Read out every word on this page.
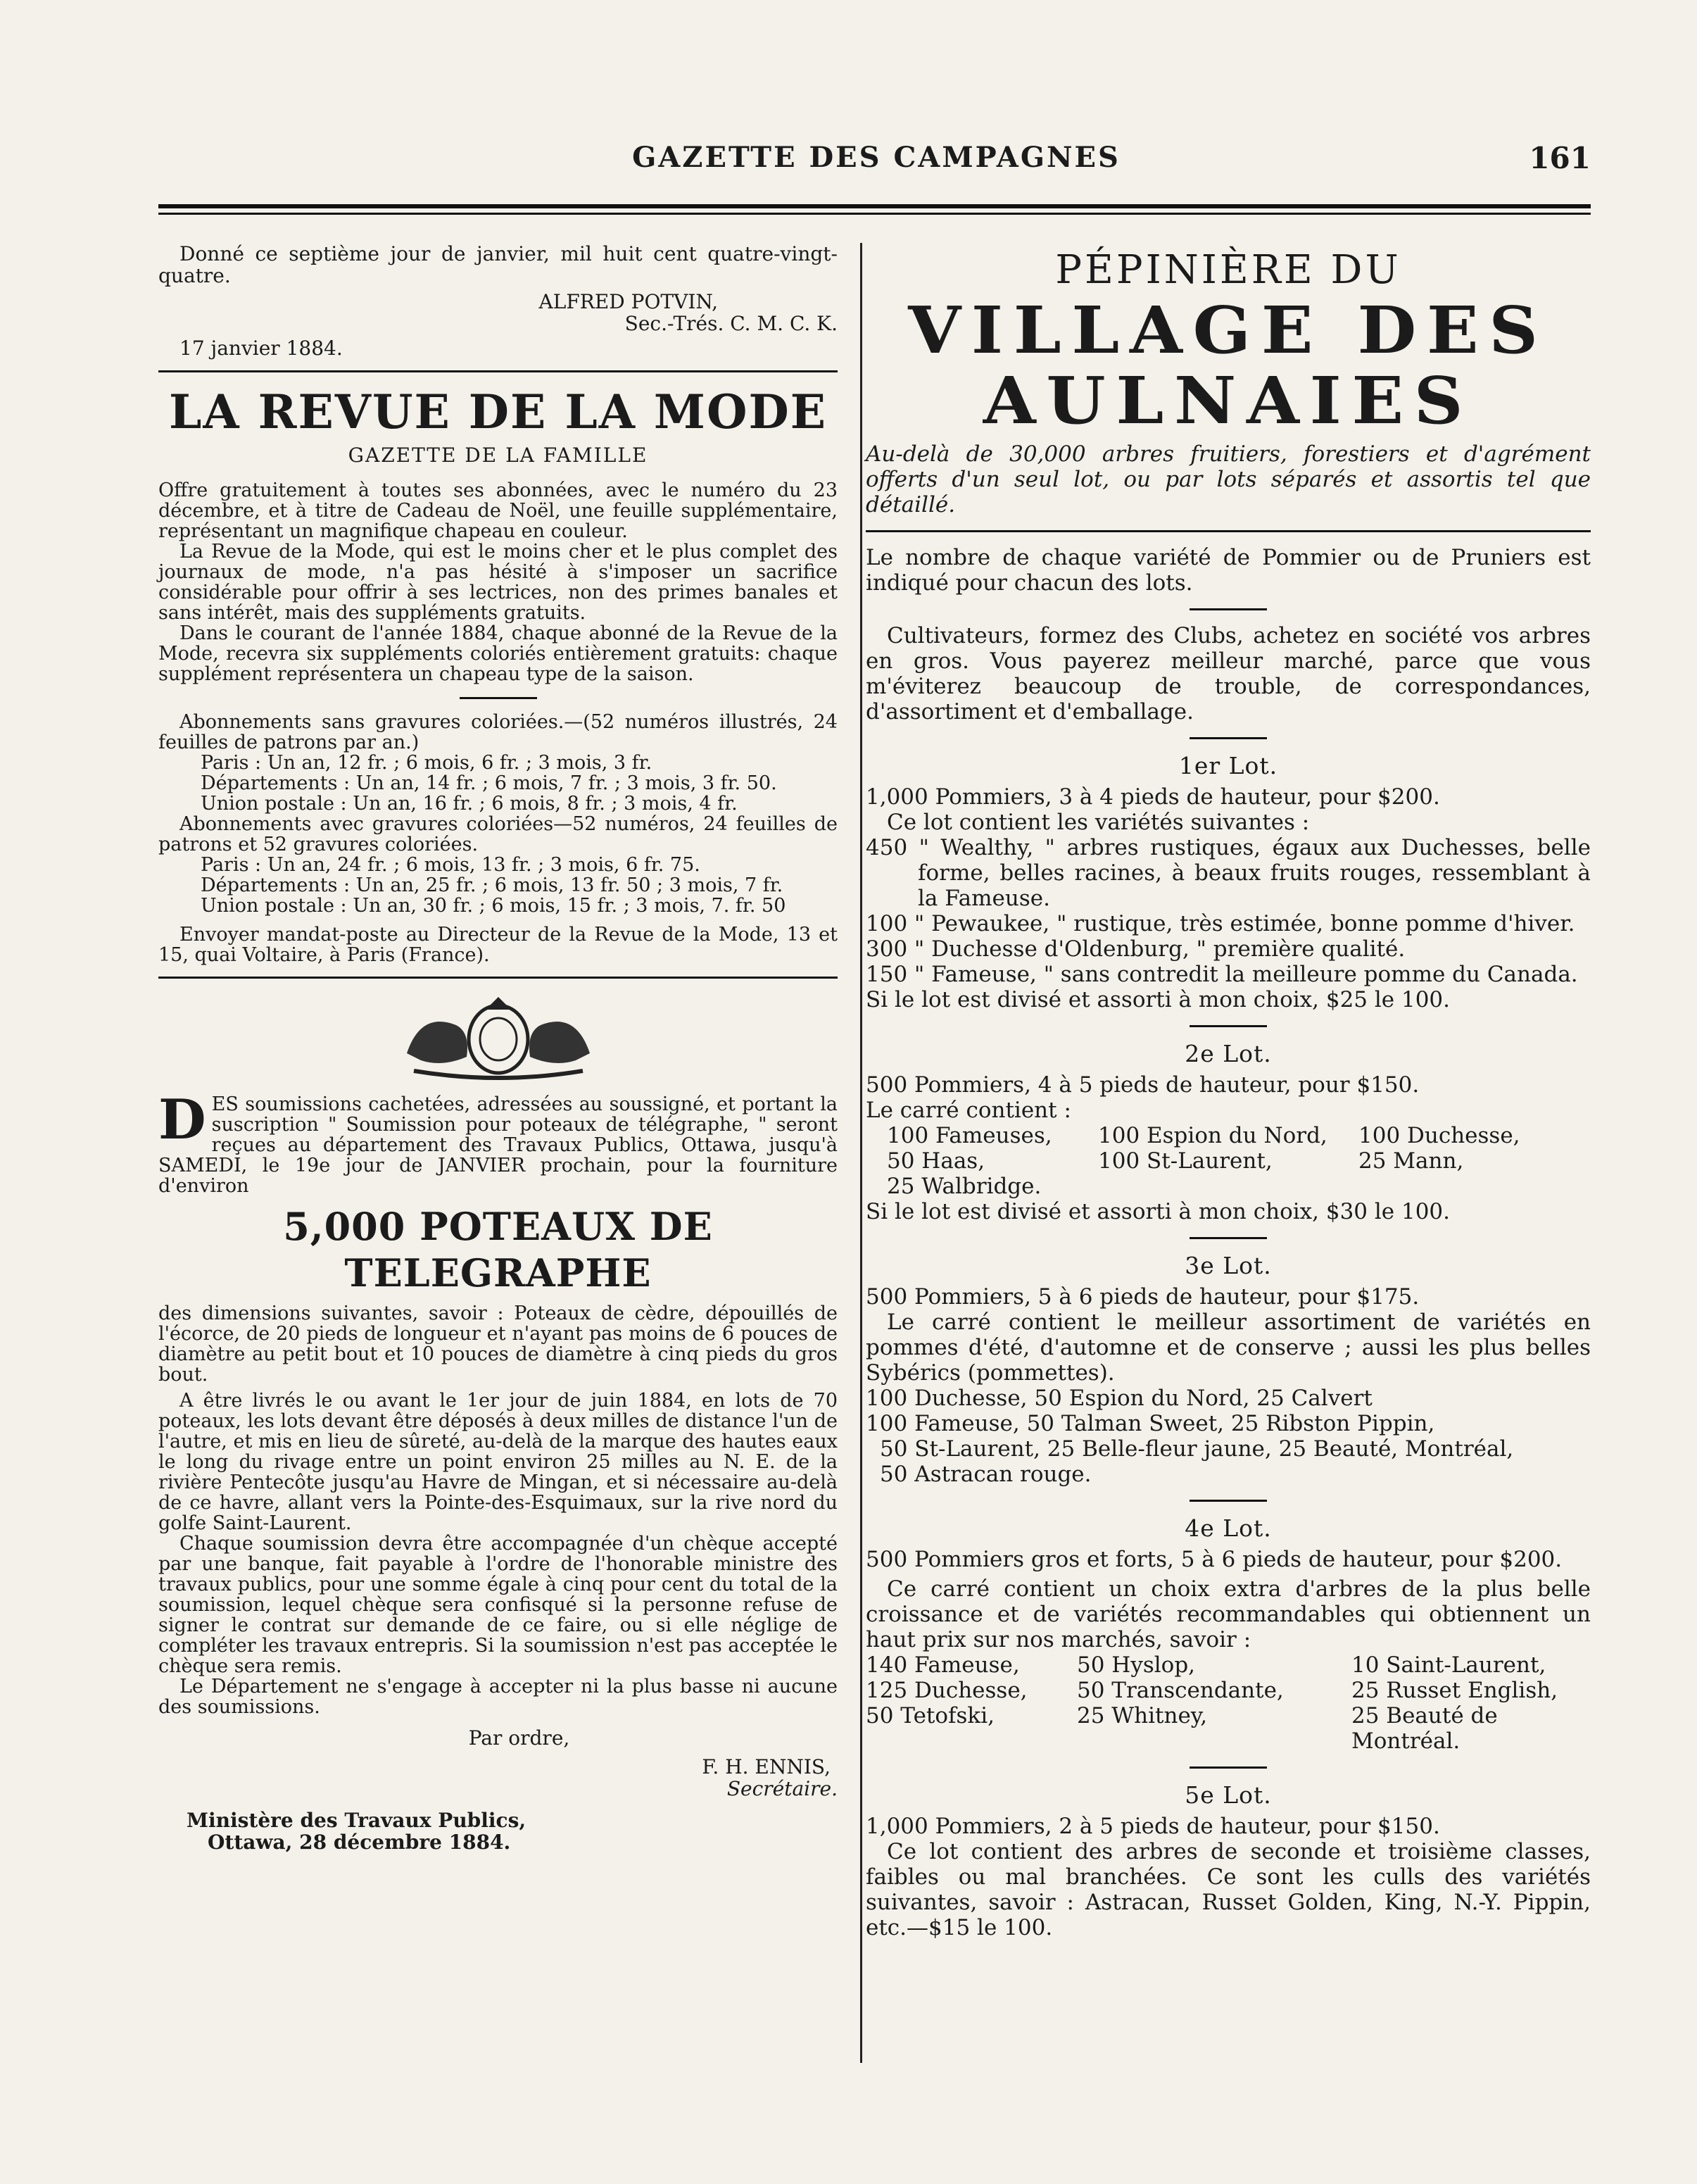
GAZETTE DES CAMPAGNES	161

Donné ce septième jour de janvier, mil huit cent quatre-vingt-quatre.

ALFRED POTVIN,

Sec.-Trés. C. M. C. K.

17 janvier 1884.

LA REVUE DE LA MODE

GAZETTE DE LA FAMILLE

Offre gratuitement à toutes ses abonnées, avec le numéro du 23 décembre, et à titre de Cadeau de Noël, une feuille supplémentaire, représentant un magnifique chapeau en couleur.

La Revue de la Mode, qui est le moins cher et le plus complet des journaux de mode, n'a pas hésité à s'imposer un sacrifice considérable pour offrir à ses lectrices, non des primes banales et sans intérêt, mais des suppléments gratuits.

Dans le courant de l'année 1884, chaque abonné de la Revue de la Mode, recevra six suppléments coloriés entièrement gratuits: chaque supplément représentera un chapeau type de la saison.

Abonnements sans gravures coloriées.—(52 numéros illustrés, 24 feuilles de patrons par an.)

Paris : Un an, 12 fr. ; 6 mois, 6 fr. ; 3 mois, 3 fr.

Départements : Un an, 14 fr. ; 6 mois, 7 fr. ; 3 mois, 3 fr. 50.

Union postale : Un an, 16 fr. ; 6 mois, 8 fr. ; 3 mois, 4 fr.

Abonnements avec gravures coloriées—52 numéros, 24 feuilles de patrons et 52 gravures coloriées.

Paris : Un an, 24 fr. ; 6 mois, 13 fr. ; 3 mois, 6 fr. 75.

Départements : Un an, 25 fr. ; 6 mois, 13 fr. 50 ; 3 mois, 7 fr.

Union postale : Un an, 30 fr. ; 6 mois, 15 fr. ; 3 mois, 7. fr. 50

Envoyer mandat-poste au Directeur de la Revue de la Mode, 13 et 15, quai Voltaire, à Paris (France).

D ES soumissions cachetées, adressées au soussigné, et portant la suscription " Soumission pour poteaux de télégraphe, " seront reçues au département des Travaux Publics, Ottawa, jusqu'à SAMEDI, le 19e jour de JANVIER prochain, pour la fourniture d'environ

5,000 POTEAUX DE TELEGRAPHE

des dimensions suivantes, savoir : Poteaux de cèdre, dépouillés de l'écorce, de 20 pieds de longueur et n'ayant pas moins de 6 pouces de diamètre au petit bout et 10 pouces de diamètre à cinq pieds du gros bout.

A être livrés le ou avant le 1er jour de juin 1884, en lots de 70 poteaux, les lots devant être déposés à deux milles de distance l'un de l'autre, et mis en lieu de sûreté, au-delà de la marque des hautes eaux le long du rivage entre un point environ 25 milles au N. E. de la rivière Pentecôte jusqu'au Havre de Mingan, et si nécessaire au-delà de ce havre, allant vers la Pointe-des-Esquimaux, sur la rive nord du golfe Saint-Laurent.

Chaque soumission devra être accompagnée d'un chèque accepté par une banque, fait payable à l'ordre de l'honorable ministre des travaux publics, pour une somme égale à cinq pour cent du total de la soumission, lequel chèque sera confisqué si la personne refuse de signer le contrat sur demande de ce faire, ou si elle néglige de compléter les travaux entrepris. Si la soumission n'est pas acceptée le chèque sera remis.

Le Département ne s'engage à accepter ni la plus basse ni aucune des soumissions.

Par ordre,

F. H. ENNIS,

Secrétaire.

Ministère des Travaux Publics,

Ottawa, 28 décembre 1884.

PÉPINIÈRE DU
VILLAGE DES AULNAIES

Au-delà de 30,000 arbres fruitiers, forestiers et d'agrément offerts d'un seul lot, ou par lots séparés et assortis tel que détaillé.

Le nombre de chaque variété de Pommier ou de Pruniers est indiqué pour chacun des lots.

Cultivateurs, formez des Clubs, achetez en société vos arbres en gros. Vous payerez meilleur marché, parce que vous m'éviterez beaucoup de trouble, de correspondances, d'assortiment et d'emballage.

1er Lot.

1,000 Pommiers, 3 à 4 pieds de hauteur, pour $200.

Ce lot contient les variétés suivantes :

450 " Wealthy, " arbres rustiques, égaux aux Duchesses, belle forme, belles racines, à beaux fruits rouges, ressemblant à la Fameuse.

100 " Pewaukee, " rustique, très estimée, bonne pomme d'hiver.

300 " Duchesse d'Oldenburg, " première qualité.

150 " Fameuse, " sans contredit la meilleure pomme du Canada.

Si le lot est divisé et assorti à mon choix, $25 le 100.

2e Lot.

500 Pommiers, 4 à 5 pieds de hauteur, pour $150.

Le carré contient :

100 Fameuses,	100 Espion du Nord,	100 Duchesse,
50 Haas,	100 St-Laurent,	25 Mann,
25 Walbridge.

Si le lot est divisé et assorti à mon choix, $30 le 100.

3e Lot.

500 Pommiers, 5 à 6 pieds de hauteur, pour $175.

Le carré contient le meilleur assortiment de variétés en pommes d'été, d'automne et de conserve ; aussi les plus belles Sybérics (pommettes).

100 Duchesse, 50 Espion du Nord, 25 Calvert

100 Fameuse, 50 Talman Sweet, 25 Ribston Pippin,

50 St-Laurent, 25 Belle-fleur jaune, 25 Beauté, Montréal,

50 Astracan rouge.

4e Lot.

500 Pommiers gros et forts, 5 à 6 pieds de hauteur, pour $200.

Ce carré contient un choix extra d'arbres de la plus belle croissance et de variétés recommandables qui obtiennent un haut prix sur nos marchés, savoir :

140 Fameuse,	50 Hyslop,	10 Saint-Laurent,
125 Duchesse,	50 Transcendante,	25 Russet English,
50 Tetofski,	25 Whitney,	25 Beauté de Montréal.
5e Lot.

1,000 Pommiers, 2 à 5 pieds de hauteur, pour $150.

Ce lot contient des arbres de seconde et troisième classes, faibles ou mal branchées. Ce sont les culls des variétés suivantes, savoir : Astracan, Russet Golden, King, N.-Y. Pippin, etc.—$15 le 100.
